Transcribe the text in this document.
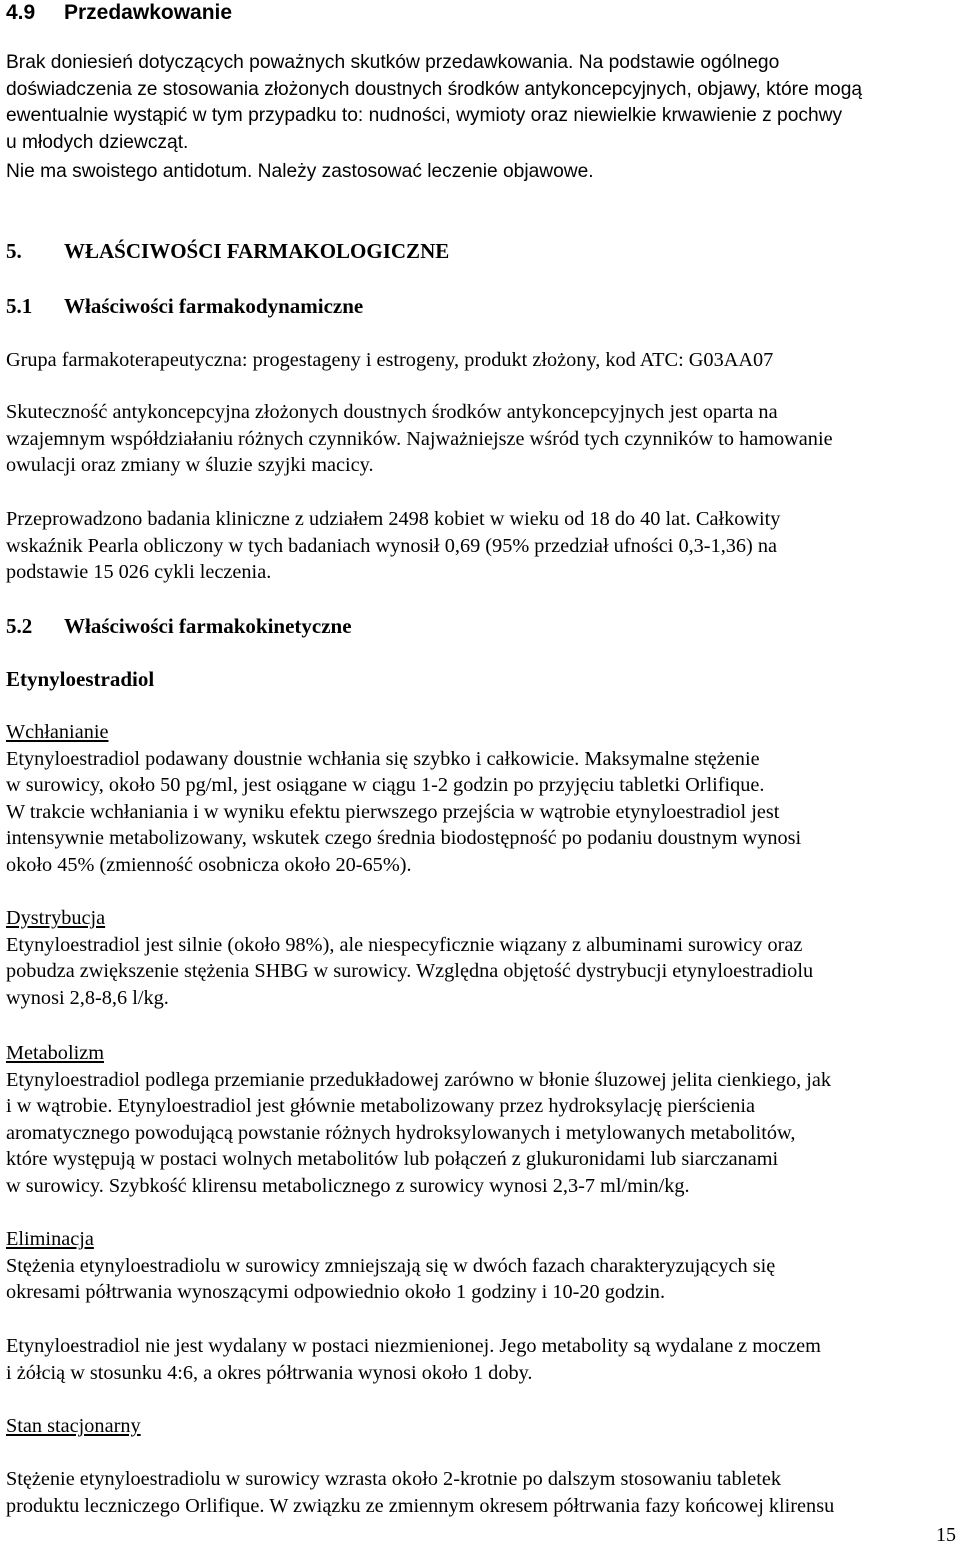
4.9 Przedawkowanie

Brak doniesień dotyczących poważnych skutków przedawkowania. Na podstawie ogólnego
doświadczenia ze stosowania złożonych doustnych środków antykoncepcyjnych, objawy, które mogą
ewentualnie wystąpić w tym przypadku to: nudności, wymioty oraz niewielkie krwawienie z pochwy
u młodych dziewcząt.

Nie ma swoistego antidotum. Należy zastosować leczenie objawowe.

5. WŁAŚCIWOŚCI FARMAKOLOGICZNE
5.1 Właściwości farmakodynamiczne

Grupa farmakoterapeutyczna: progestageny i estrogeny, produkt złożony, kod ATC: G03AA07

Skuteczność antykoncepcyjna złożonych doustnych środków antykoncepcyjnych jest oparta na
wzajemnym współdziałaniu różnych czynników. Najważniejsze wśród tych czynników to hamowanie
owulacji oraz zmiany w śluzie szyjki macicy.

Przeprowadzono badania kliniczne z udziałem 2498 kobiet w wieku od 18 do 40 lat. Całkowity
wskaźnik Pearla obliczony w tych badaniach wynosił 0,69 (95% przedział ufności 0,3-1,36) na
podstawie 15 026 cykli leczenia.

5.2 Właściwości farmakokinetyczne
Etynyloestradiol

Wchłanianie
Etynyloestradiol podawany doustnie wchłania się szybko i całkowicie. Maksymalne stężenie
w surowicy, około 50 pg/ml, jest osiągane w ciągu 1-2 godzin po przyjęciu tabletki Orlifique.
W trakcie wchłaniania i w wyniku efektu pierwszego przejścia w wątrobie etynyloestradiol jest
intensywnie metabolizowany, wskutek czego średnia biodostępność po podaniu doustnym wynosi
około 45% (zmienność osobnicza około 20-65%).

Dystrybucja
Etynyloestradiol jest silnie (około 98%), ale niespecyficznie wiązany z albuminami surowicy oraz
pobudza zwiększenie stężenia SHBG w surowicy. Względna objętość dystrybucji etynyloestradiolu
wynosi 2,8-8,6 l/kg.

Metabolizm
Etynyloestradiol podlega przemianie przedukładowej zarówno w błonie śluzowej jelita cienkiego, jak
i w wątrobie. Etynyloestradiol jest głównie metabolizowany przez hydroksylację pierścienia
aromatycznego powodującą powstanie różnych hydroksylowanych i metylowanych metabolitów,
które występują w postaci wolnych metabolitów lub połączeń z glukuronidami lub siarczanami
w surowicy. Szybkość klirensu metabolicznego z surowicy wynosi 2,3-7 ml/min/kg.

Eliminacja
Stężenia etynyloestradiolu w surowicy zmniejszają się w dwóch fazach charakteryzujących się
okresami półtrwania wynoszącymi odpowiednio około 1 godziny i 10-20 godzin.

Etynyloestradiol nie jest wydalany w postaci niezmienionej. Jego metabolity są wydalane z moczem
i żółcią w stosunku 4:6, a okres półtrwania wynosi około 1 doby.

Stan stacjonarny

Stężenie etynyloestradiolu w surowicy wzrasta około 2-krotnie po dalszym stosowaniu tabletek
produktu leczniczego Orlifique. W związku ze zmiennym okresem półtrwania fazy końcowej klirensu

15
